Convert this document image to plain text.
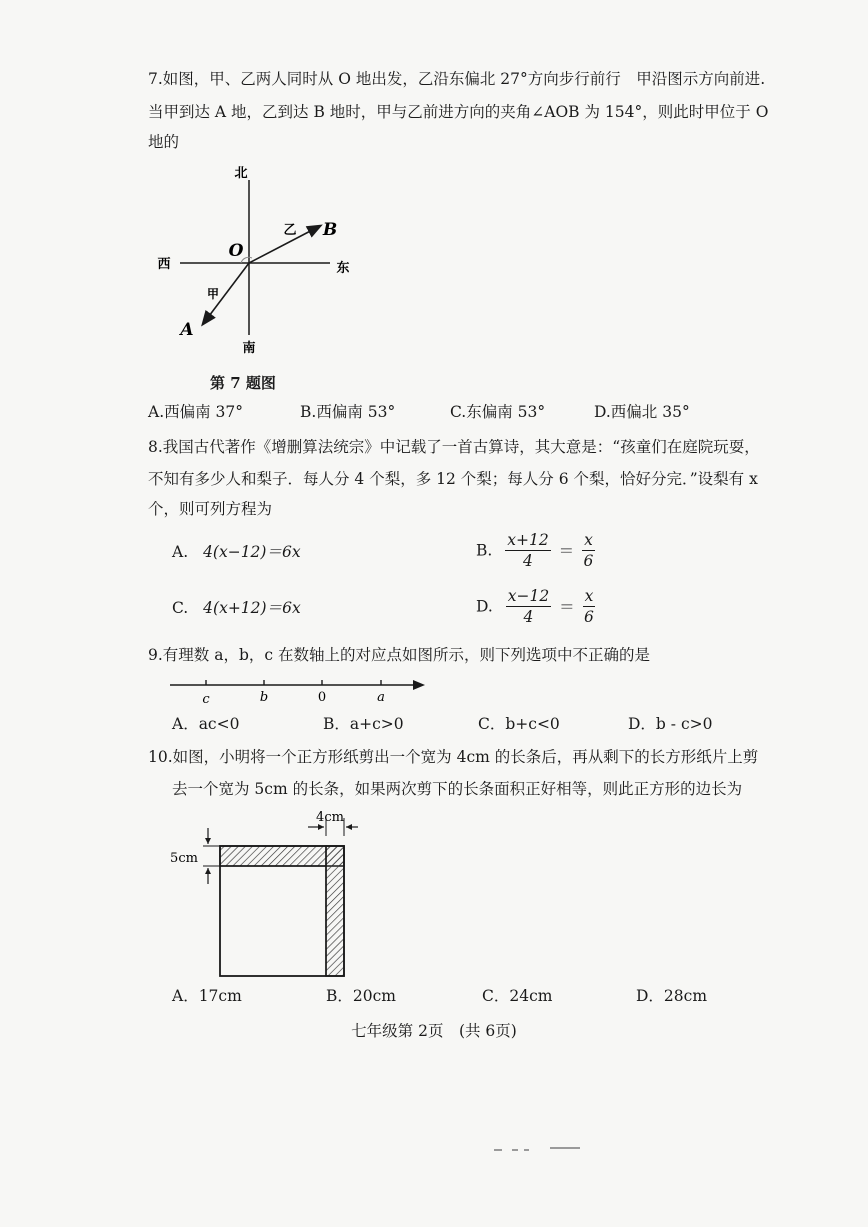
7.如图，甲、乙两人同时从 O 地出发，乙沿东偏北 27°方向步行前行　甲沿图示方向前进.
当甲到达 A 地，乙到达 B 地时，甲与乙前进方向的夹角∠AOB 为 154°，则此时甲位于 O
地的
北
南
西	东
O
B
A
乙
甲
第 7 题图
A.西偏南 37°	B.西偏南 53°	C.东偏南 53°	D.西偏北 35°
8.我国古代著作《增删算法统宗》中记载了一首古算诗，其大意是：“孩童们在庭院玩耍，
不知有多少人和梨子．每人分 4 个梨，多 12 个梨；每人分 6 个梨，恰好分完．”设梨有 x
个，则可列方程为
A. 4(x−12)＝6x	B. $\frac{x+12}{4} = \frac{x}{6}$
C. 4(x+12)＝6x	D. $\frac{x-12}{4} = \frac{x}{6}$
9.有理数 a，b，c 在数轴上的对应点如图所示，则下列选项中不正确的是
c	b	0	a
A．ac<0	B．a+c>0	C．b+c<0	D．b - c>0
10.如图，小明将一个正方形纸剪出一个宽为 4cm 的长条后，再从剩下的长方形纸片上剪
去一个宽为 5cm 的长条，如果两次剪下的长条面积正好相等，则此正方形的边长为
4cm
5cm
A．17cm	B．20cm	C．24cm	D．28cm
七年级第 2页　(共 6页)
